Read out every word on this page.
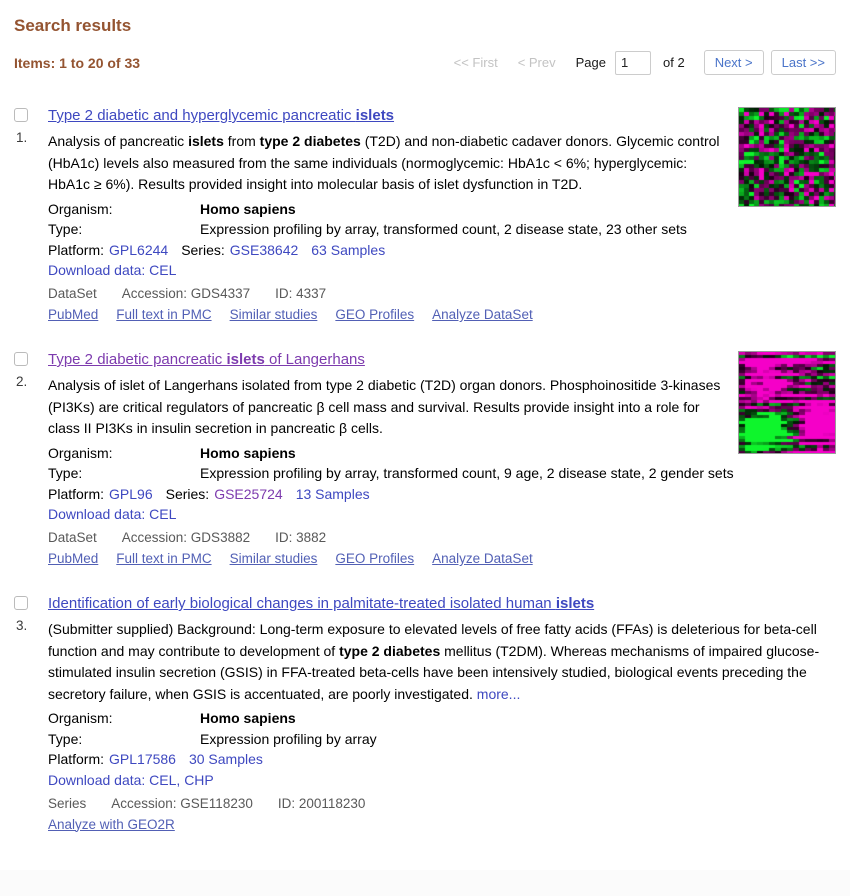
Search results
Items: 1 to 20 of 33	<< First < Prev Page
1	of 2	Next >	Last >>
1.
Type 2 diabetic and hyperglycemic pancreatic islets
Analysis of pancreatic islets from type 2 diabetes (T2D) and non-diabetic cadaver donors. Glycemic control (HbA1c) levels also measured from the same individuals (normoglycemic: HbA1c < 6%; hyperglycemic: HbA1c ≥ 6%). Results provided insight into molecular basis of islet dysfunction in T2D.
Organism:	Homo sapiens
Type:	Expression profiling by array, transformed count, 2 disease state, 23 other sets
Platform: GPL6244 Series: GSE38642 63 Samples
Download data: CEL
DataSet Accession: GDS4337 ID: 4337
PubMed Full text in PMC Similar studies GEO Profiles Analyze DataSet
2.
Type 2 diabetic pancreatic islets of Langerhans
Analysis of islet of Langerhans isolated from type 2 diabetic (T2D) organ donors. Phosphoinositide 3-kinases (PI3Ks) are critical regulators of pancreatic β cell mass and survival. Results provide insight into a role for class II PI3Ks in insulin secretion in pancreatic β cells.
Organism:	Homo sapiens
Type:	Expression profiling by array, transformed count, 9 age, 2 disease state, 2 gender sets
Platform: GPL96 Series: GSE25724 13 Samples
Download data: CEL
DataSet Accession: GDS3882 ID: 3882
PubMed Full text in PMC Similar studies GEO Profiles Analyze DataSet
3.
Identification of early biological changes in palmitate-treated isolated human islets
(Submitter supplied) Background: Long-term exposure to elevated levels of free fatty acids (FFAs) is deleterious for beta-cell function and may contribute to development of type 2 diabetes mellitus (T2DM). Whereas mechanisms of impaired glucose-stimulated insulin secretion (GSIS) in FFA-treated beta-cells have been intensively studied, biological events preceding the secretory failure, when GSIS is accentuated, are poorly investigated. more...
Organism:	Homo sapiens
Type:	Expression profiling by array
Platform: GPL17586 30 Samples
Download data: CEL, CHP
Series Accession: GSE118230 ID: 200118230
Analyze with GEO2R
